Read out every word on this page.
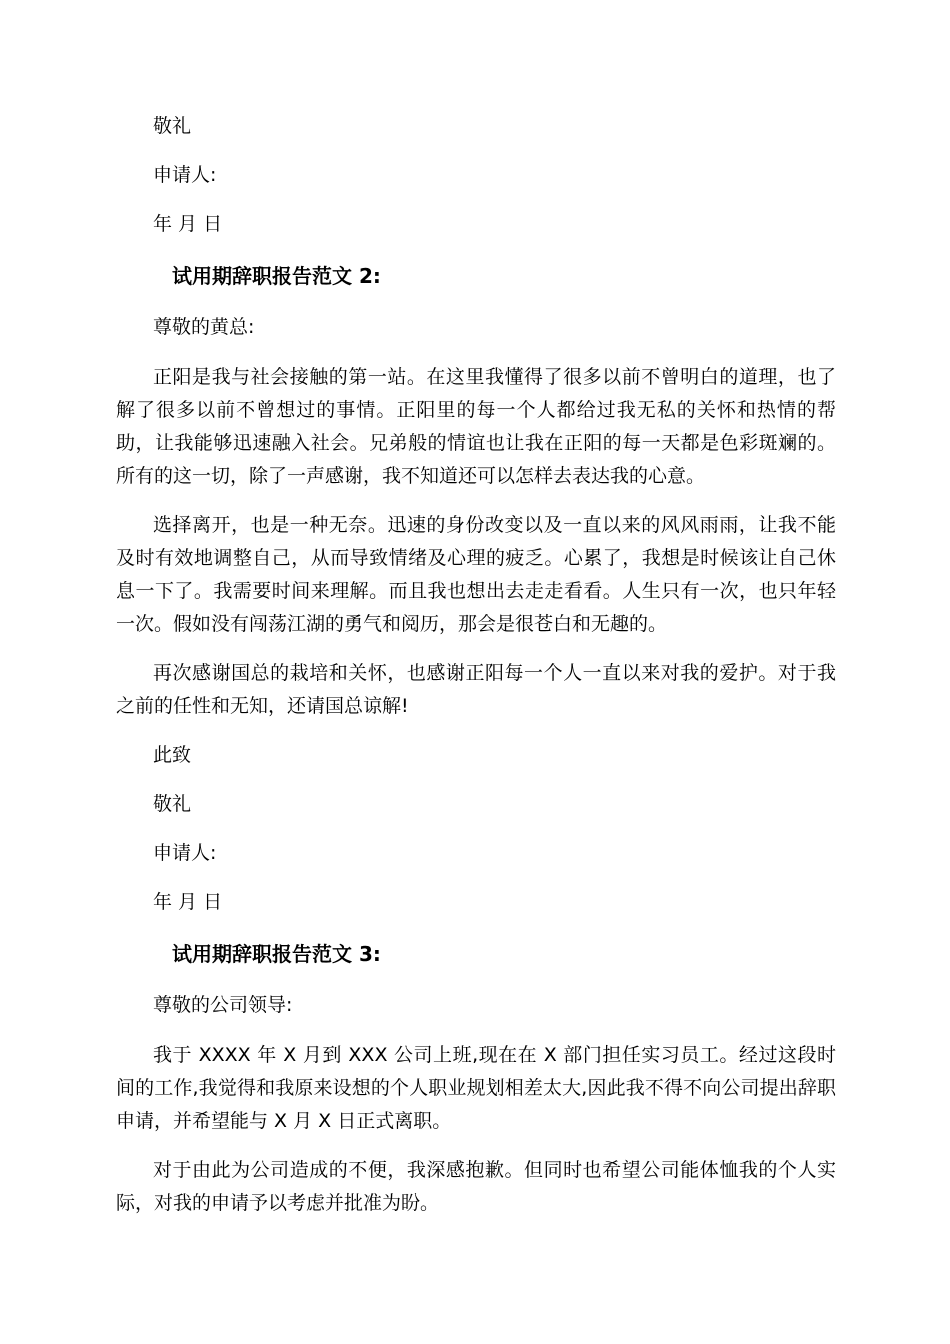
敬礼
申请人:
年 月 日
试用期辞职报告范文 2:
尊敬的黄总:
正阳是我与社会接触的第一站。在这里我懂得了很多以前不曾明白的道理，也了解了很多以前不曾想过的事情。正阳里的每一个人都给过我无私的关怀和热情的帮助，让我能够迅速融入社会。兄弟般的情谊也让我在正阳的每一天都是色彩斑斓的。所有的这一切，除了一声感谢，我不知道还可以怎样去表达我的心意。
选择离开，也是一种无奈。迅速的身份改变以及一直以来的风风雨雨，让我不能及时有效地调整自己，从而导致情绪及心理的疲乏。心累了，我想是时候该让自己休息一下了。我需要时间来理解。而且我也想出去走走看看。人生只有一次，也只年轻一次。假如没有闯荡江湖的勇气和阅历，那会是很苍白和无趣的。
再次感谢国总的栽培和关怀，也感谢正阳每一个人一直以来对我的爱护。对于我之前的任性和无知，还请国总谅解!
此致
敬礼
申请人:
年 月 日
试用期辞职报告范文 3:
尊敬的公司领导:
我于 XXXX 年 X 月到 XXX 公司上班,现在在 X 部门担任实习员工。经过这段时间的工作,我觉得和我原来设想的个人职业规划相差太大,因此我不得不向公司提出辞职申请，并希望能与 X 月 X 日正式离职。
对于由此为公司造成的不便，我深感抱歉。但同时也希望公司能体恤我的个人实际，对我的申请予以考虑并批准为盼。
